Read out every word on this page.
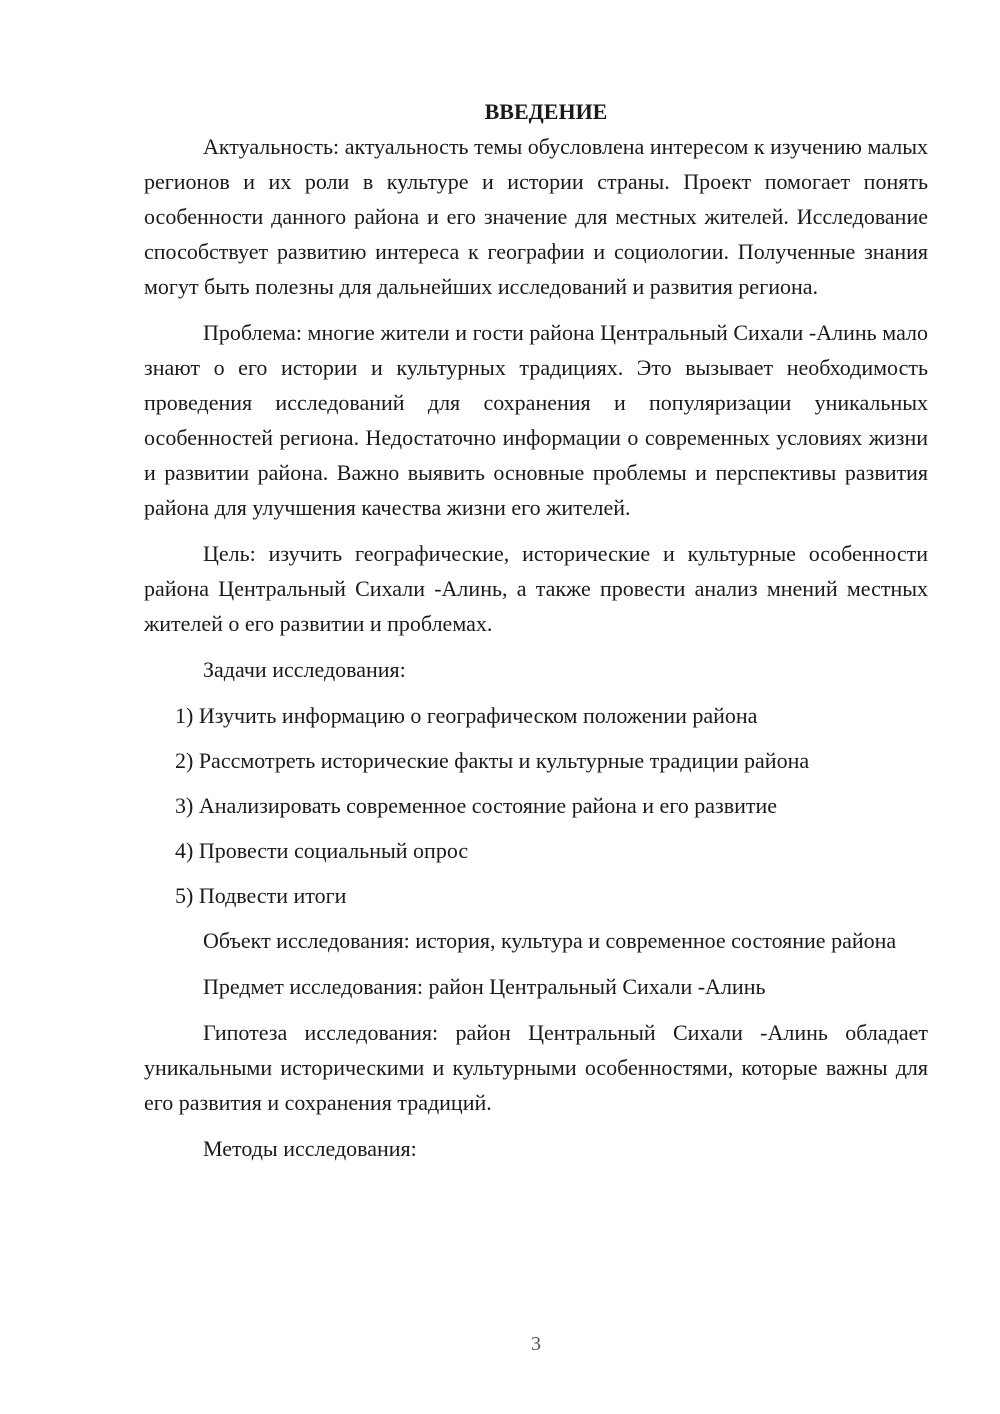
ВВЕДЕНИЕ

Актуальность: актуальность темы обусловлена интересом к изучению малых регионов и их роли в культуре и истории страны. Проект помогает понять особенности данного района и его значение для местных жителей. Исследование способствует развитию интереса к географии и социологии. Полученные знания могут быть полезны для дальнейших исследований и развития региона.

Проблема: многие жители и гости района Центральный Сихали -Алинь мало знают о его истории и культурных традициях. Это вызывает необходимость проведения исследований для сохранения и популяризации уникальных особенностей региона. Недостаточно информации о современных условиях жизни и развитии района. Важно выявить основные проблемы и перспективы развития района для улучшения качества жизни его жителей.

Цель: изучить географические, исторические и культурные особенности района Центральный Сихали -Алинь, а также провести анализ мнений местных жителей о его развитии и проблемах.

Задачи исследования:

1) Изучить информацию о географическом положении района

2) Рассмотреть исторические факты и культурные традиции района

3) Анализировать современное состояние района и его развитие

4) Провести социальный опрос

5) Подвести итоги

Объект исследования: история, культура и современное состояние района

Предмет исследования: район Центральный Сихали -Алинь

Гипотеза исследования: район Центральный Сихали -Алинь обладает уникальными историческими и культурными особенностями, которые важны для его развития и сохранения традиций.

Методы исследования:

3
